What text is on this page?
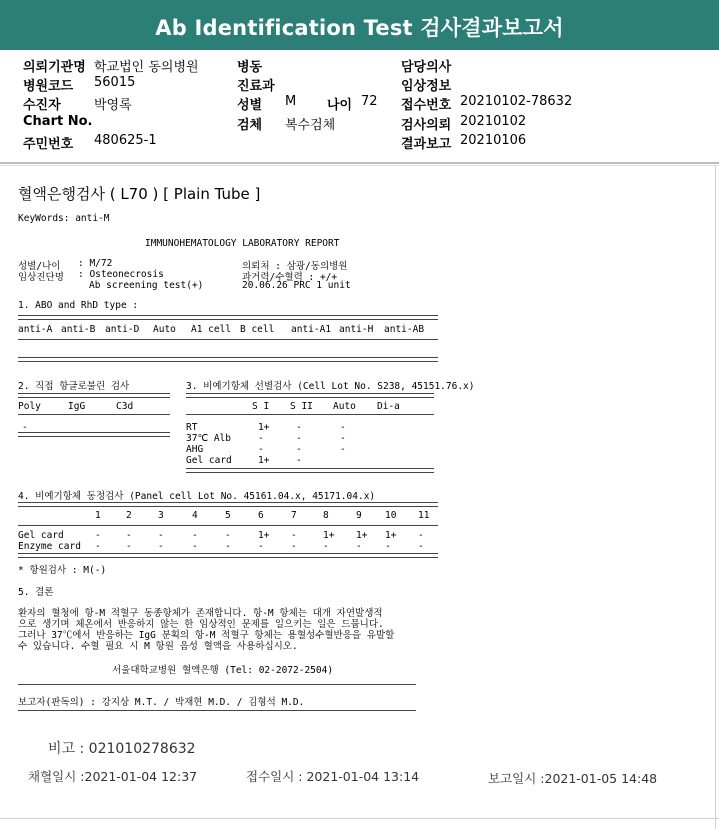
Ab Identification Test 검사결과보고서
의뢰기관명 학교법인 동의병원
병원코드 56015
수진자	박영록
Chart No.
주민번호 480625-1
병동
진료과
성별 M 나이 72
검체 복수검체
담당의사
임상정보
접수번호 20210102-78632
검사의뢰 20210102
결과보고 20210106
혈액은행검사 ( L70 ) [ Plain Tube ]
KeyWords: anti-M
IMMUNOHEMATOLOGY LABORATORY REPORT
성별/나이 : M/72
임상진단명 : Osteonecrosis
Ab screening test(+)
의뢰처 : 삼광/동의병원
과거력/수혈력 : +/+
20.06.26 PRC 1 unit
1. ABO and RhD type :
anti-A anti-B anti-D Auto A1 cell B cell anti-A1 anti-H anti-AB
2. 직접 항글로불린 검사
Poly	IgG	C3d
-
3. 비예기항체 선별검사 (Cell Lot No. S238, 45151.76.x)
S I S II Auto Di-a
RT	1+	-	-
37℃ Alb	-	-	-
AHG	-	-	-
Gel card	1+	-
4. 비예기항체 동정검사 (Panel cell Lot No. 45161.04.x, 45171.04.x)
1	2	3	4	5	6	7	8	9 10 11
Gel card	-	-	-	-	-	1+ -	1+ 1+ 1+ -
Enzyme card -	-	-	-	-	-	-	-	- -	-
* 항원검사 : M(-)
5. 결론
환자의 혈청에 항-M 적혈구 동종항체가 존재합니다. 항-M 항체는 대개 자연발생적
으로 생기며 체온에서 반응하지 않는 한 임상적인 문제를 일으키는 일은 드뭅니다.
그러나 37℃에서 반응하는 IgG 분획의 항-M 적혈구 항체는 용혈성수혈반응을 유발할
수 있습니다. 수혈 필요 시 M 항원 음성 혈액을 사용하십시오.
서울대학교병원 혈액은행 (Tel: 02-2072-2504)
보고자(판독의) : 강지상 M.T. / 박재현 M.D. / 김형석 M.D.
비고 : 021010278632
채혈일시 :2021-01-04 12:37	접수일시 : 2021-01-04 13:14	보고일시 :2021-01-05 14:48
